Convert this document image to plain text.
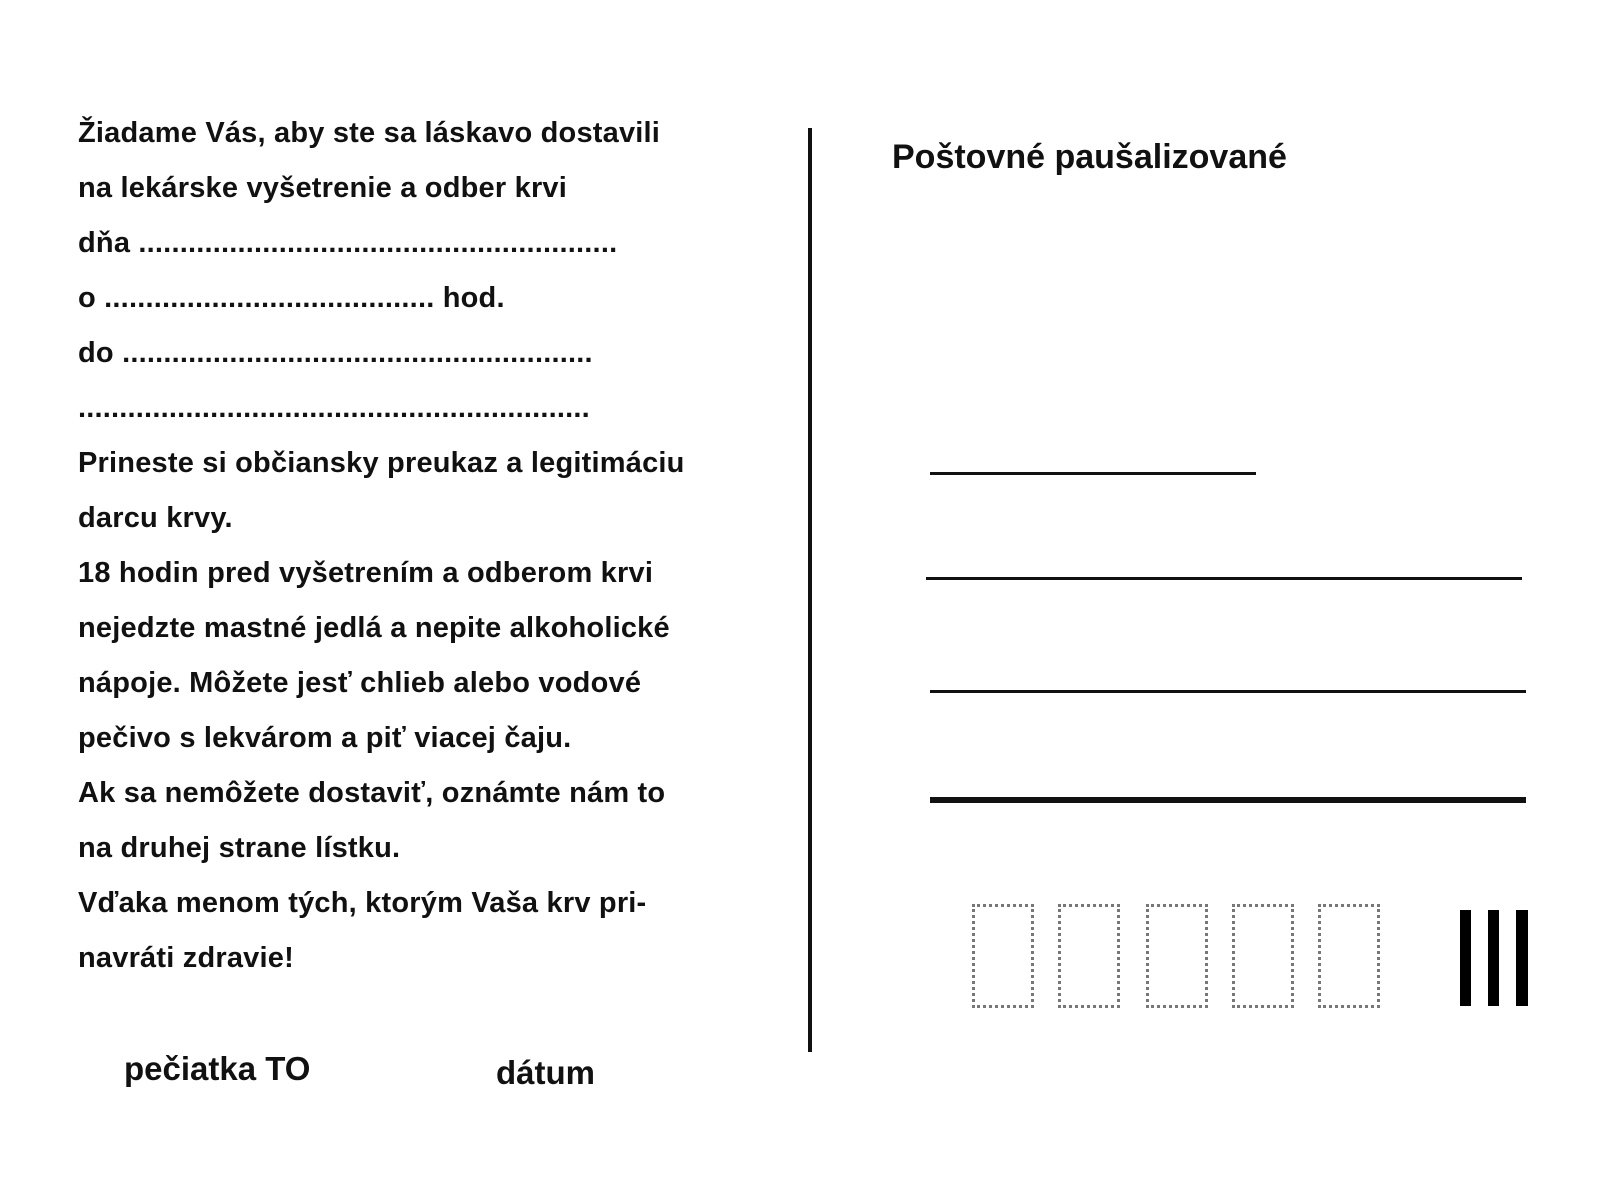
Žiadame Vás, aby ste sa láskavo dostavili
na lekárske vyšetrenie a odber krvi
dňa ..........................................................
o ........................................ hod.
do .........................................................
..............................................................
Prineste si občiansky preukaz a legitimáciu
darcu krvy.
18 hodin pred vyšetrením a odberom krvi
nejedzte mastné jedlá a nepite alkoholické
nápoje. Môžete jesť chlieb alebo vodové
pečivo s lekvárom a piť viacej čaju.
Ak sa nemôžete dostaviť, oznámte nám to
na druhej strane lístku.
Vďaka menom tých, ktorým Vaša krv pri-
navráti zdravie!
Poštovné paušalizované
pečiatka TO	dátum
